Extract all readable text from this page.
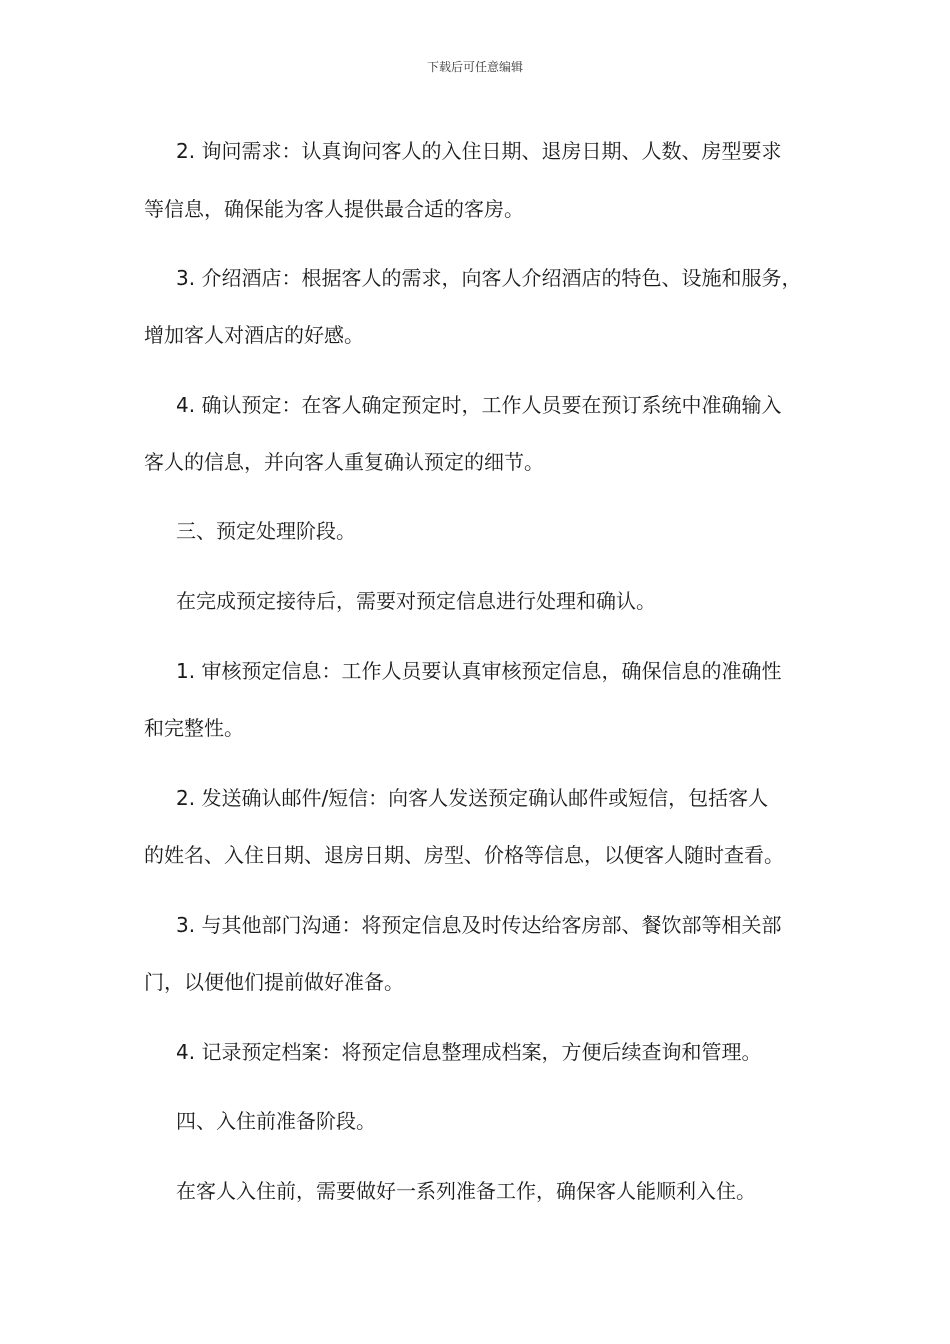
下载后可任意编辑
2. 询问需求：认真询问客人的入住日期、退房日期、人数、房型要求
等信息，确保能为客人提供最合适的客房。
3. 介绍酒店：根据客人的需求，向客人介绍酒店的特色、设施和服务，
增加客人对酒店的好感。
4. 确认预定：在客人确定预定时，工作人员要在预订系统中准确输入
客人的信息，并向客人重复确认预定的细节。
三、预定处理阶段。
在完成预定接待后，需要对预定信息进行处理和确认。
1. 审核预定信息：工作人员要认真审核预定信息，确保信息的准确性
和完整性。
2. 发送确认邮件/短信：向客人发送预定确认邮件或短信，包括客人
的姓名、入住日期、退房日期、房型、价格等信息，以便客人随时查看。
3. 与其他部门沟通：将预定信息及时传达给客房部、餐饮部等相关部
门，以便他们提前做好准备。
4. 记录预定档案：将预定信息整理成档案，方便后续查询和管理。
四、入住前准备阶段。
在客人入住前，需要做好一系列准备工作，确保客人能顺利入住。
